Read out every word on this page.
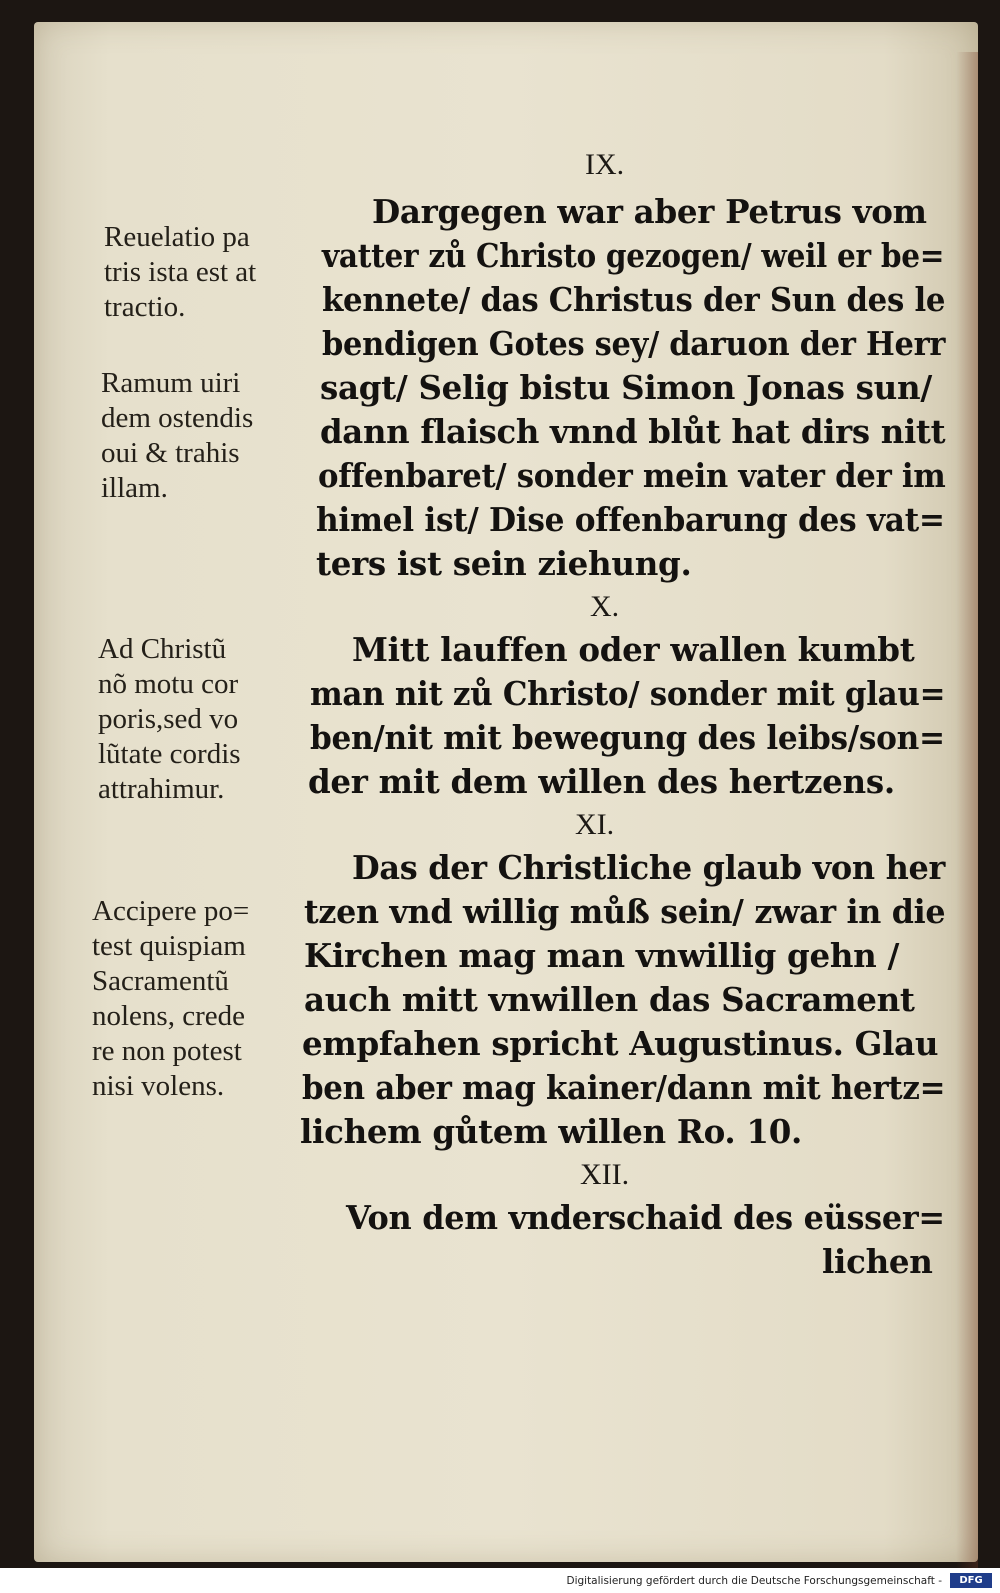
IX.
Dargegen war aber Petrus vom
vatter zů Christo gezogen/ weil er be=
kennete/ das Christus der Sun des le
bendigen Gotes sey/ daruon der Herr
sagt/ Selig bistu Simon Jonas sun/
dann flaisch vnnd blůt hat dirs nitt
offenbaret/ sonder mein vater der im
himel ist/ Dise offenbarung des vat=
ters ist sein ziehung.
X.
Mitt lauffen oder wallen kumbt
man nit zů Christo/ sonder mit glau=
ben/nit mit bewegung des leibs/son=
der mit dem willen des hertzens.
XI.
Das der Christliche glaub von her
tzen vnd willig můß sein/ zwar in die
Kirchen mag man vnwillig gehn /
auch mitt vnwillen das Sacrament
empfahen spricht Augustinus. Glau
ben aber mag kainer/dann mit hertz=
lichem gůtem willen Ro. 10.
XII.
Von dem vnderschaid des eüsser=
lichen
Reuelatio pa
tris ista est at
tractio.
Ramum uiri
dem ostendis
oui & trahis
illam.
Ad Christũ
nõ motu cor
poris,sed vo
lũtate cordis
attrahimur.
Accipere po=
test quispiam
Sacramentũ
nolens, crede
re non potest
nisi volens.
Digitalisierung gefördert durch die Deutsche Forschungsgemeinschaft -	DFG
